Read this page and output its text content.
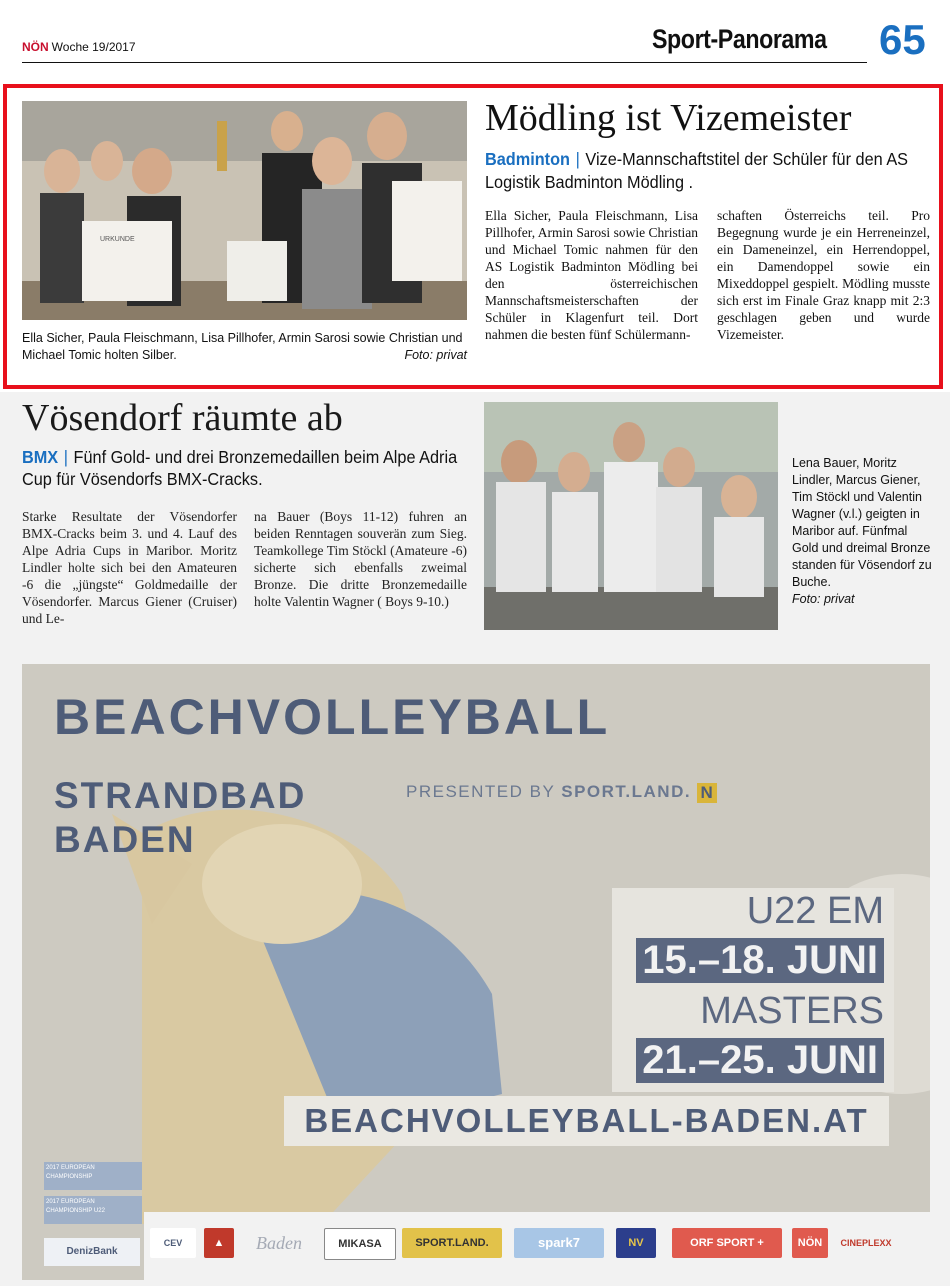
NÖN Woche 19/2017	Sport-Panorama 65
URKUNDE
Ella Sicher, Paula Fleischmann, Lisa Pillhofer, Armin Sarosi sowie Christian und Michael Tomic holten Silber.	Foto: privat
Mödling ist Vizemeister
Badminton | Vize-Mannschaftstitel der Schüler für den AS Logistik Badminton Mödling .
Ella Sicher, Paula Fleischmann, Lisa Pillhofer, Armin Sarosi sowie Christian und Michael Tomic nahmen für den AS Logistik Badminton Mödling bei den österreichischen Mannschaftsmeisterschaften der Schüler in Klagenfurt teil. Dort nahmen die besten fünf Schülermann-
schaften Österreichs teil. Pro Begegnung wurde je ein Herreneinzel, ein Dameneinzel, ein Herrendoppel, ein Damendoppel sowie ein Mixeddoppel gespielt. Mödling musste sich erst im Finale Graz knapp mit 2:3 geschlagen geben und wurde Vizemeister.
Vösendorf räumte ab
BMX | Fünf Gold- und drei Bronzemedaillen beim Alpe Adria Cup für Vösendorfs BMX-Cracks.
Starke Resultate der Vösendorfer BMX-Cracks beim 3. und 4. Lauf des Alpe Adria Cups in Maribor. Moritz Lindler holte sich bei den Amateuren -6 die „jüngste“ Goldmedaille der Vösendorfer. Marcus Giener (Cruiser) und Le-
na Bauer (Boys 11-12) fuhren an beiden Renntagen souverän zum Sieg. Teamkollege Tim Stöckl (Amateure -6) sicherte sich ebenfalls zweimal Bronze. Die dritte Bronzemedaille holte Valentin Wagner ( Boys 9-10.)
Lena Bauer, Moritz Lindler, Marcus Giener, Tim Stöckl und Valentin Wagner (v.l.) geigten in Maribor auf. Fünfmal Gold und dreimal Bronze standen für Vösendorf zu Buche.
Foto: privat
BEACHVOLLEYBALL
STRANDBAD
BADEN
PRESENTED BY SPORT.LAND. N
U22 EM
15.–18. JUNI
MASTERS
21.–25. JUNI
BEACHVOLLEYBALL-BADEN.AT
2017 EUROPEAN CHAMPIONSHIP
2017 EUROPEAN CHAMPIONSHIP U22
CEV	▲	Baden	MIKASA	SPORT.LAND.	spark7	NV	ORF SPORT +	NÖN	CINEPLEXX
DenizBank
